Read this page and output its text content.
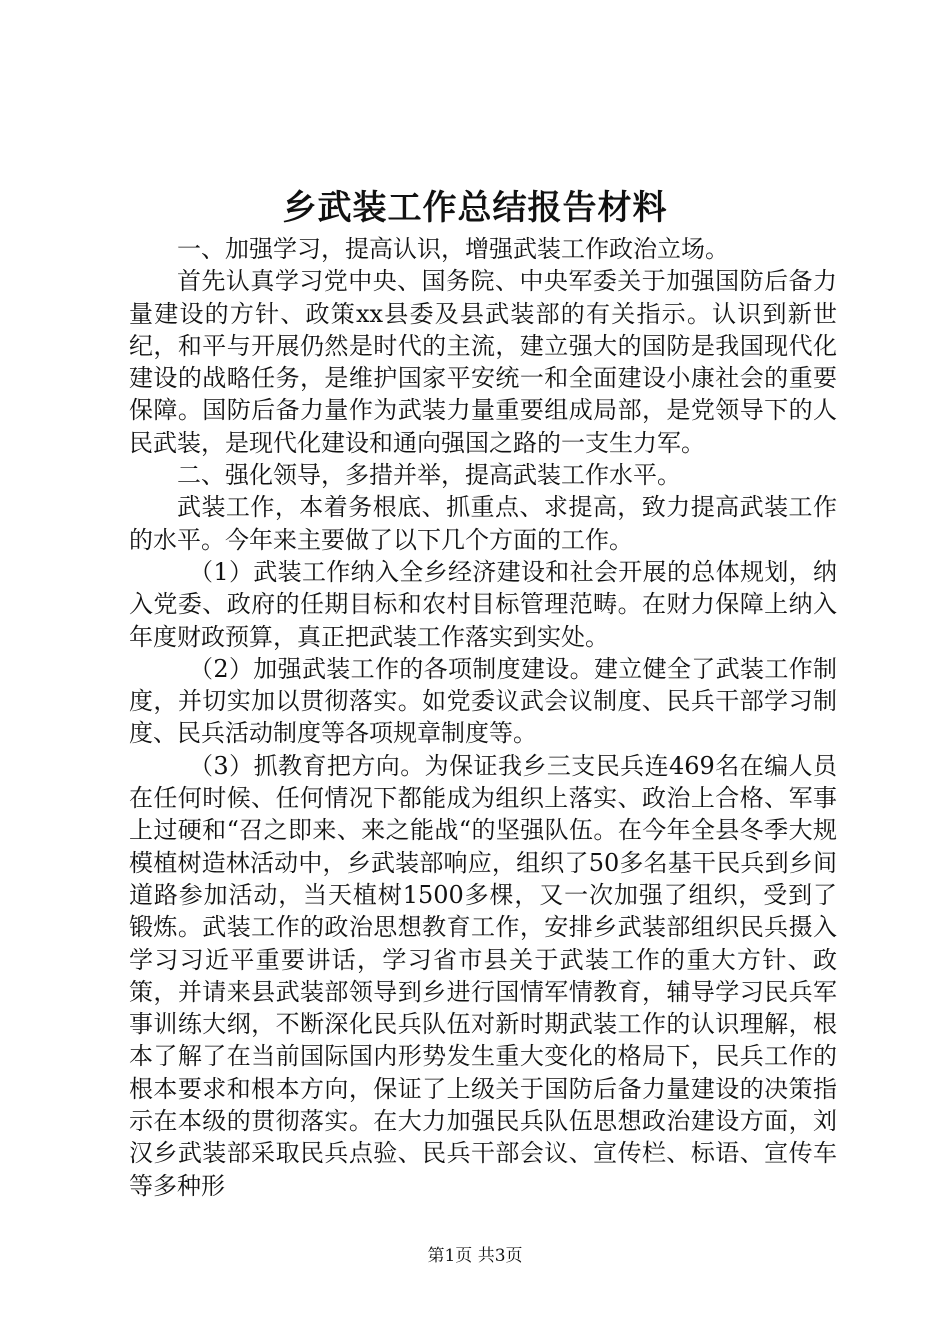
乡武装工作总结报告材料

一、加强学习，提高认识，增强武装工作政治立场。

首先认真学习党中央、国务院、中央军委关于加强国防后备力量建设的方针、政策xx县委及县武装部的有关指示。认识到新世纪，和平与开展仍然是时代的主流，建立强大的国防是我国现代化建设的战略任务，是维护国家平安统一和全面建设小康社会的重要保障。国防后备力量作为武装力量重要组成局部，是党领导下的人民武装，是现代化建设和通向强国之路的一支生力军。

二、强化领导，多措并举，提高武装工作水平。

武装工作，本着务根底、抓重点、求提高，致力提高武装工作的水平。今年来主要做了以下几个方面的工作。

（1）武装工作纳入全乡经济建设和社会开展的总体规划，纳入党委、政府的任期目标和农村目标管理范畴。在财力保障上纳入年度财政预算，真正把武装工作落实到实处。

（2）加强武装工作的各项制度建设。建立健全了武装工作制度，并切实加以贯彻落实。如党委议武会议制度、民兵干部学习制度、民兵活动制度等各项规章制度等。

（3）抓教育把方向。为保证我乡三支民兵连469名在编人员在任何时候、任何情况下都能成为组织上落实、政治上合格、军事上过硬和“召之即来、来之能战“的坚强队伍。在今年全县冬季大规模植树造林活动中，乡武装部响应，组织了50多名基干民兵到乡间道路参加活动，当天植树1500多棵，又一次加强了组织，受到了锻炼。武装工作的政治思想教育工作，安排乡武装部组织民兵摄入学习习近平重要讲话，学习省市县关于武装工作的重大方针、政策，并请来县武装部领导到乡进行国情军情教育，辅导学习民兵军事训练大纲，不断深化民兵队伍对新时期武装工作的认识理解，根本了解了在当前国际国内形势发生重大变化的格局下，民兵工作的根本要求和根本方向，保证了上级关于国防后备力量建设的决策指示在本级的贯彻落实。在大力加强民兵队伍思想政治建设方面，刘汉乡武装部采取民兵点验、民兵干部会议、宣传栏、标语、宣传车等多种形

第1页 共3页
